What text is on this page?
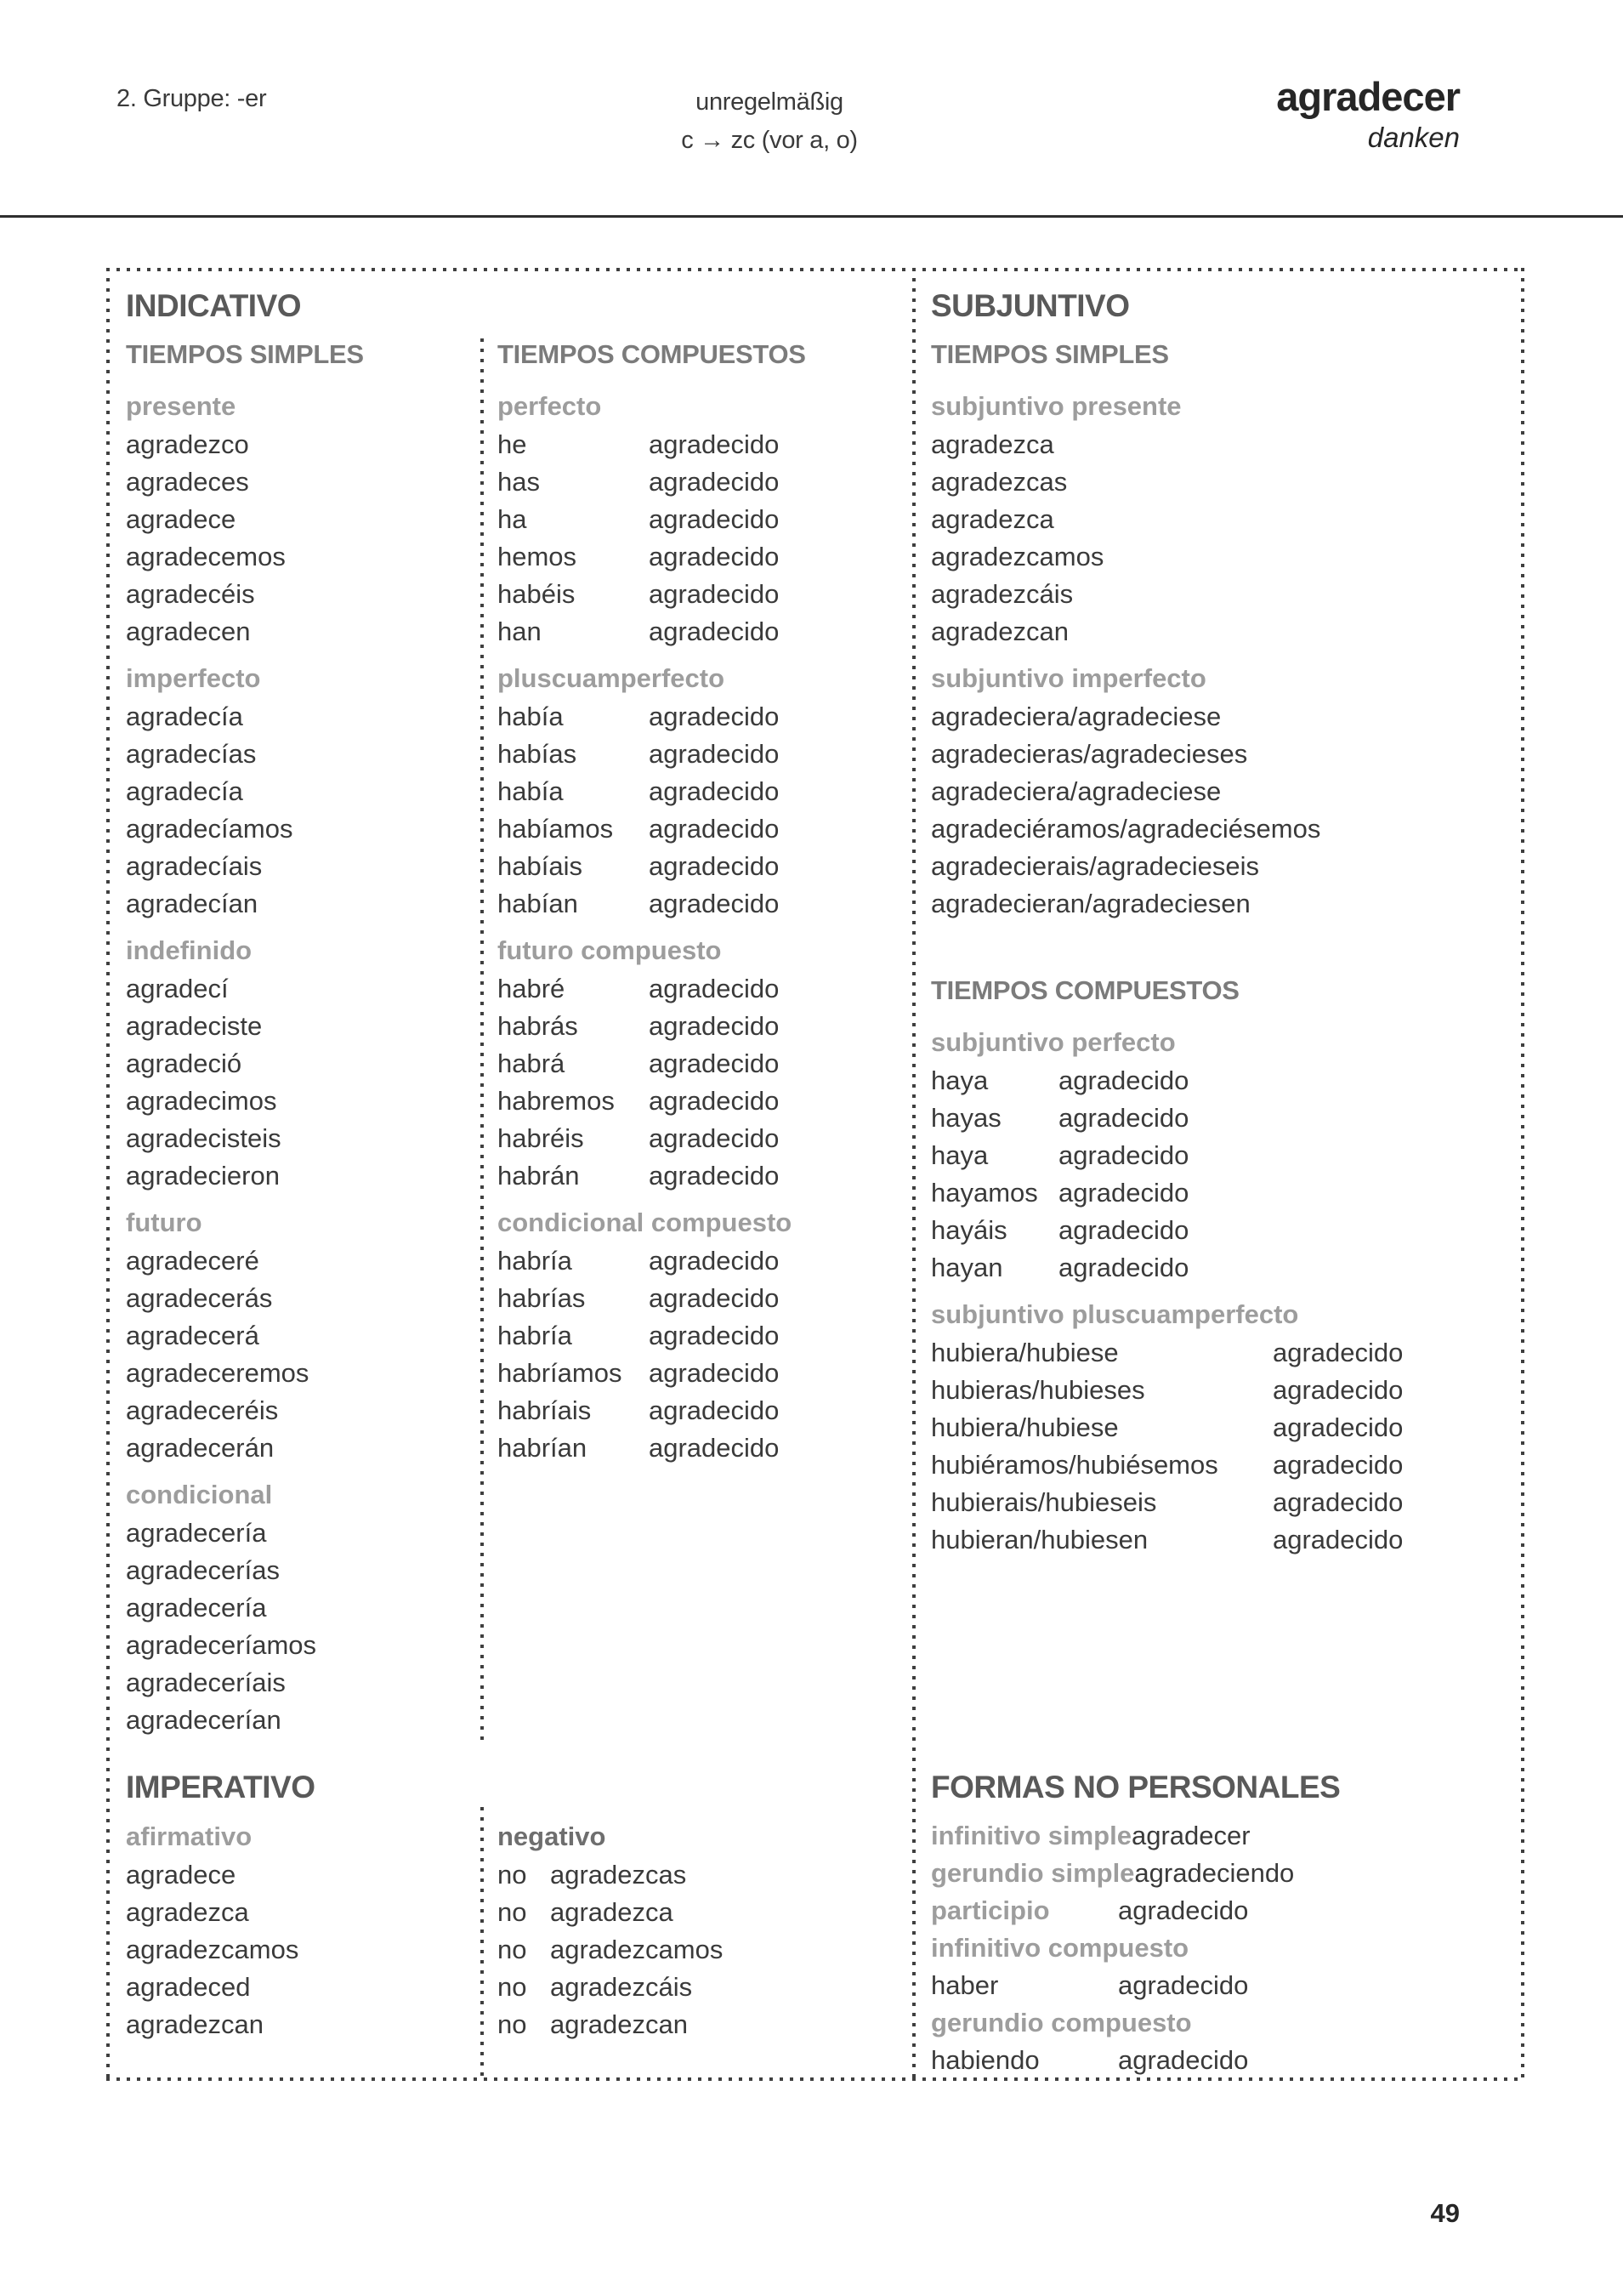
2. Gruppe: -er	unregelmäßig
c → zc (vor a, o)
agradecer
danken
INDICATIVO
TIEMPOS SIMPLES
presente
agradezco
agradeces
agradece
agradecemos
agradecéis
agradecen
imperfecto
agradecía
agradecías
agradecía
agradecíamos
agradecíais
agradecían
indefinido
agradecí
agradeciste
agradeció
agradecimos
agradecisteis
agradecieron
futuro
agradeceré
agradecerás
agradecerá
agradeceremos
agradeceréis
agradecerán
condicional
agradecería
agradecerías
agradecería
agradeceríamos
agradeceríais
agradecerían
TIEMPOS COMPUESTOS
perfecto
he	agradecido
has	agradecido
ha	agradecido
hemos	agradecido
habéis	agradecido
han	agradecido
pluscuamperfecto
había	agradecido
habías	agradecido
había	agradecido
habíamos	agradecido
habíais	agradecido
habían	agradecido
futuro compuesto
habré	agradecido
habrás	agradecido
habrá	agradecido
habremos	agradecido
habréis	agradecido
habrán	agradecido
condicional compuesto
habría	agradecido
habrías	agradecido
habría	agradecido
habríamos	agradecido
habríais	agradecido
habrían	agradecido
SUBJUNTIVO
TIEMPOS SIMPLES
subjuntivo presente
agradezca
agradezcas
agradezca
agradezcamos
agradezcáis
agradezcan
subjuntivo imperfecto
agradeciera/agradeciese
agradecieras/agradecieses
agradeciera/agradeciese
agradeciéramos/agradeciésemos
agradecierais/agradecieseis
agradecieran/agradeciesen
TIEMPOS COMPUESTOS
subjuntivo perfecto
haya	agradecido
hayas	agradecido
haya	agradecido
hayamos agradecido
hayáis	agradecido
hayan	agradecido
subjuntivo pluscuamperfecto
hubiera/hubiese	agradecido
hubieras/hubieses	agradecido
hubiera/hubiese	agradecido
hubiéramos/hubiésemos	agradecido
hubierais/hubieseis	agradecido
hubieran/hubiesen	agradecido
IMPERATIVO
afirmativo
agradece
agradezca
agradezcamos
agradeced
agradezcan
negativo
no agradezcas
no agradezca
no agradezcamos
no agradezcáis
no agradezcan
FORMAS NO PERSONALES
infinitivo simple agradecer
gerundio simple agradeciendo
participio	agradecido
infinitivo compuesto
haber	agradecido
gerundio compuesto
habiendo	agradecido
49
